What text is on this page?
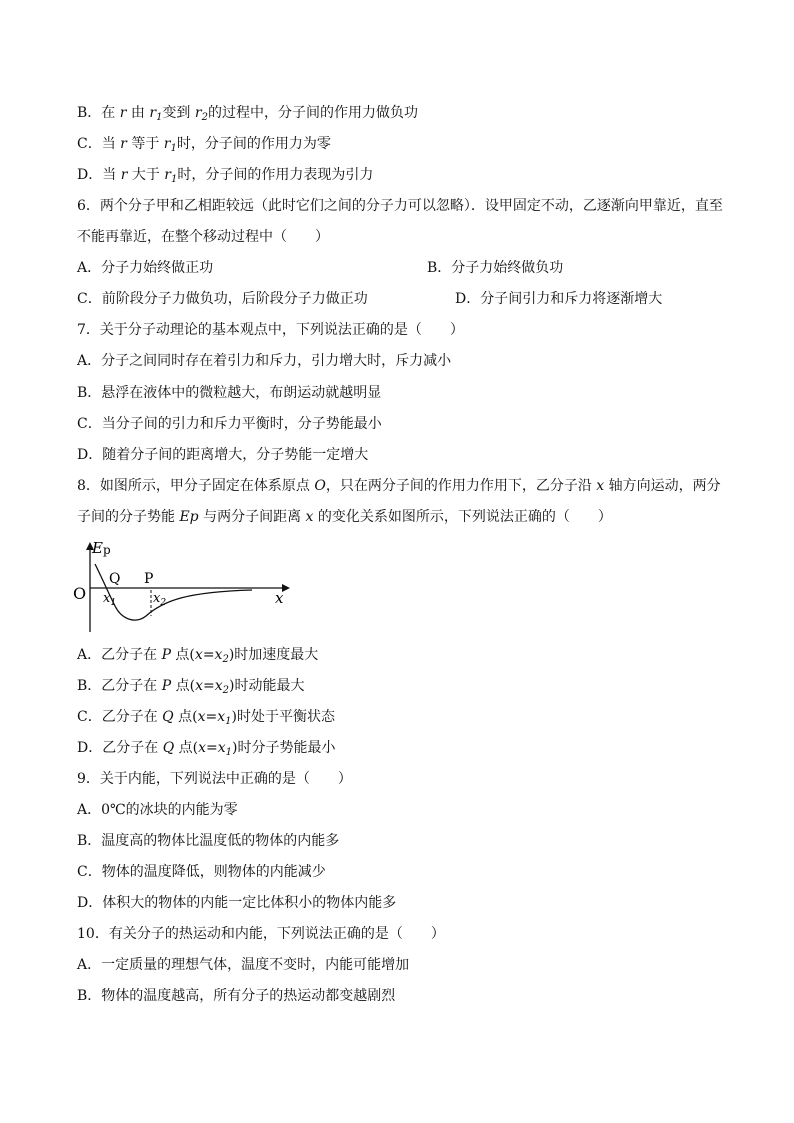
B．在 r 由 $r_1$变到 $r_2$的过程中，分子间的作用力做负功
C．当 r 等于 $r_1$时，分子间的作用力为零
D．当 r 大于 $r_1$时，分子间的作用力表现为引力
6．两个分子甲和乙相距较远（此时它们之间的分子力可以忽略）．设甲固定不动，乙逐渐向甲靠近，直至
不能再靠近，在整个移动过程中（　　）
A．分子力始终做正功	B．分子力始终做负功
C．前阶段分子力做负功，后阶段分子力做正功	D．分子间引力和斥力将逐渐增大
7．关于分子动理论的基本观点中，下列说法正确的是（　　）
A．分子之间同时存在着引力和斥力，引力增大时，斥力减小
B．悬浮在液体中的微粒越大，布朗运动就越明显
C．当分子间的引力和斥力平衡时，分子势能最小
D．随着分子间的距离增大，分子势能一定增大
8．如图所示，甲分子固定在体系原点 O，只在两分子间的作用力作用下，乙分子沿 x 轴方向运动，两分
子间的分子势能 Ep 与两分子间距离 x 的变化关系如图所示，下列说法正确的（　　）
Ep
O	x
Q P
$x_1$	$x_2$
A．乙分子在 P 点$(x=x_2)$时加速度最大
B．乙分子在 P 点$(x=x_2)$时动能最大
C．乙分子在 Q 点$(x=x_1)$时处于平衡状态
D．乙分子在 Q 点$(x=x_1)$时分子势能最小
9．关于内能，下列说法中正确的是（　　）
A．0℃的冰块的内能为零
B．温度高的物体比温度低的物体的内能多
C．物体的温度降低，则物体的内能减少
D．体积大的物体的内能一定比体积小的物体内能多
10．有关分子的热运动和内能，下列说法正确的是（　　）
A．一定质量的理想气体，温度不变时，内能可能增加
B．物体的温度越高，所有分子的热运动都变越剧烈
